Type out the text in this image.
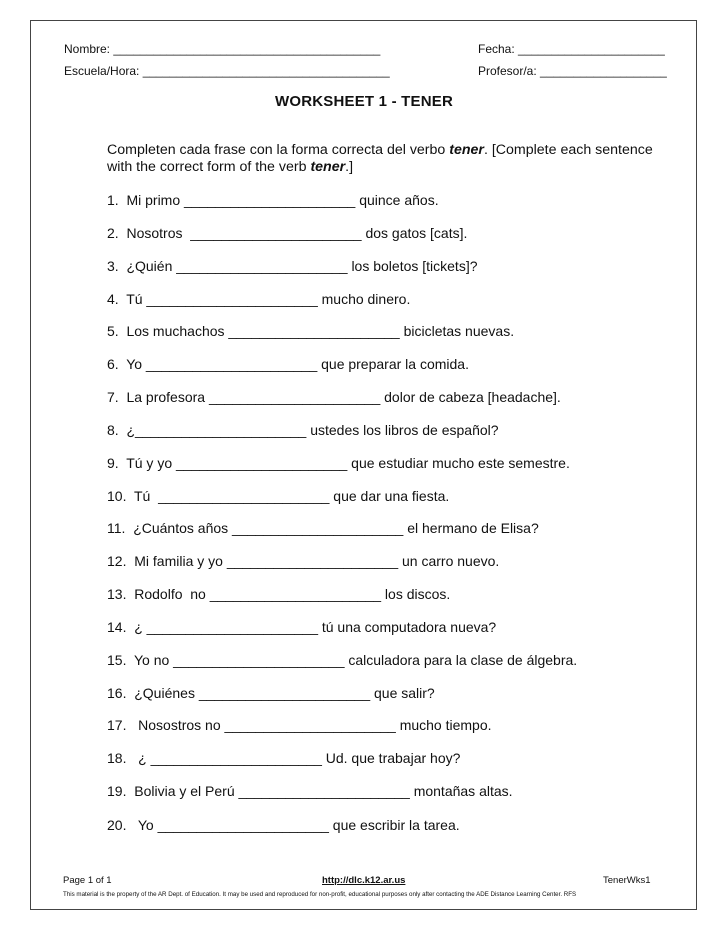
Nombre: ________________________________________
Escuela/Hora: _____________________________________
Fecha: ______________________
Profesor/a: ___________________
WORKSHEET 1 - TENER
Completen cada frase con la forma correcta del verbo tener. [Complete each sentence
with the correct form of the verb tener.]
1.  Mi primo ______________________ quince años.
2.  Nosotros  ______________________ dos gatos [cats].
3.  ¿Quién ______________________ los boletos [tickets]?
4.  Tú ______________________ mucho dinero.
5.  Los muchachos ______________________ bicicletas nuevas.
6.  Yo ______________________ que preparar la comida.
7.  La profesora ______________________ dolor de cabeza [headache].
8.  ¿______________________ ustedes los libros de español?
9.  Tú y yo ______________________ que estudiar mucho este semestre.
10.  Tú  ______________________ que dar una fiesta.
11.  ¿Cuántos años ______________________ el hermano de Elisa?
12.  Mi familia y yo ______________________ un carro nuevo.
13.  Rodolfo  no ______________________ los discos.
14.  ¿ ______________________ tú una computadora nueva?
15.  Yo no ______________________ calculadora para la clase de álgebra.
16.  ¿Quiénes ______________________ que salir?
17.   Nosostros no ______________________ mucho tiempo.
18.   ¿ ______________________ Ud. que trabajar hoy?
19.  Bolivia y el Perú ______________________ montañas altas.
20.   Yo ______________________ que escribir la tarea.
Page 1 of 1	http://dlc.k12.ar.us	TenerWks1
This material is the property of the AR Dept. of Education. It may be used and reproduced for non-profit, educational purposes only after contacting the ADE Distance Learning Center. RFS
